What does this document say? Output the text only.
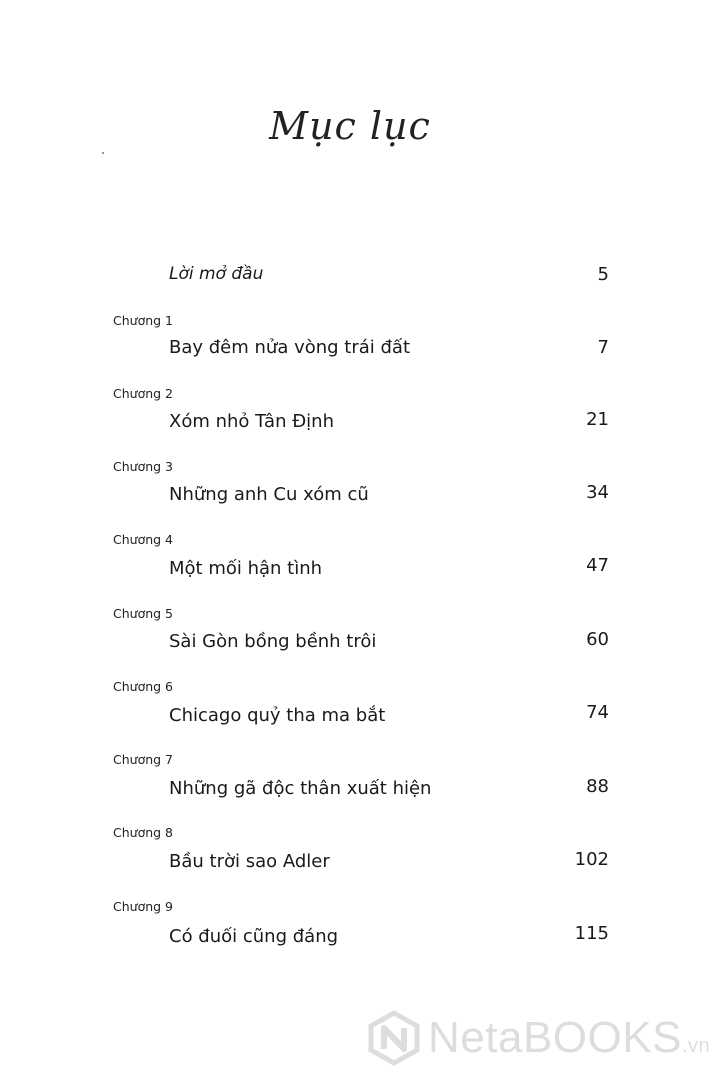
Mục lục
Lời mở đầu	5
Chương 1
Bay đêm nửa vòng trái đất	7
Chương 2
Xóm nhỏ Tân Định	21
Chương 3
Những anh Cu xóm cũ	34
Chương 4
Một mối hận tình	47
Chương 5
Sài Gòn bồng bềnh trôi	60
Chương 6
Chicago quỷ tha ma bắt	74
Chương 7
Những gã độc thân xuất hiện	88
Chương 8
Bầu trời sao Adler	102
Chương 9
Có đuối cũng đáng	115
NetaBOOKS.vn
